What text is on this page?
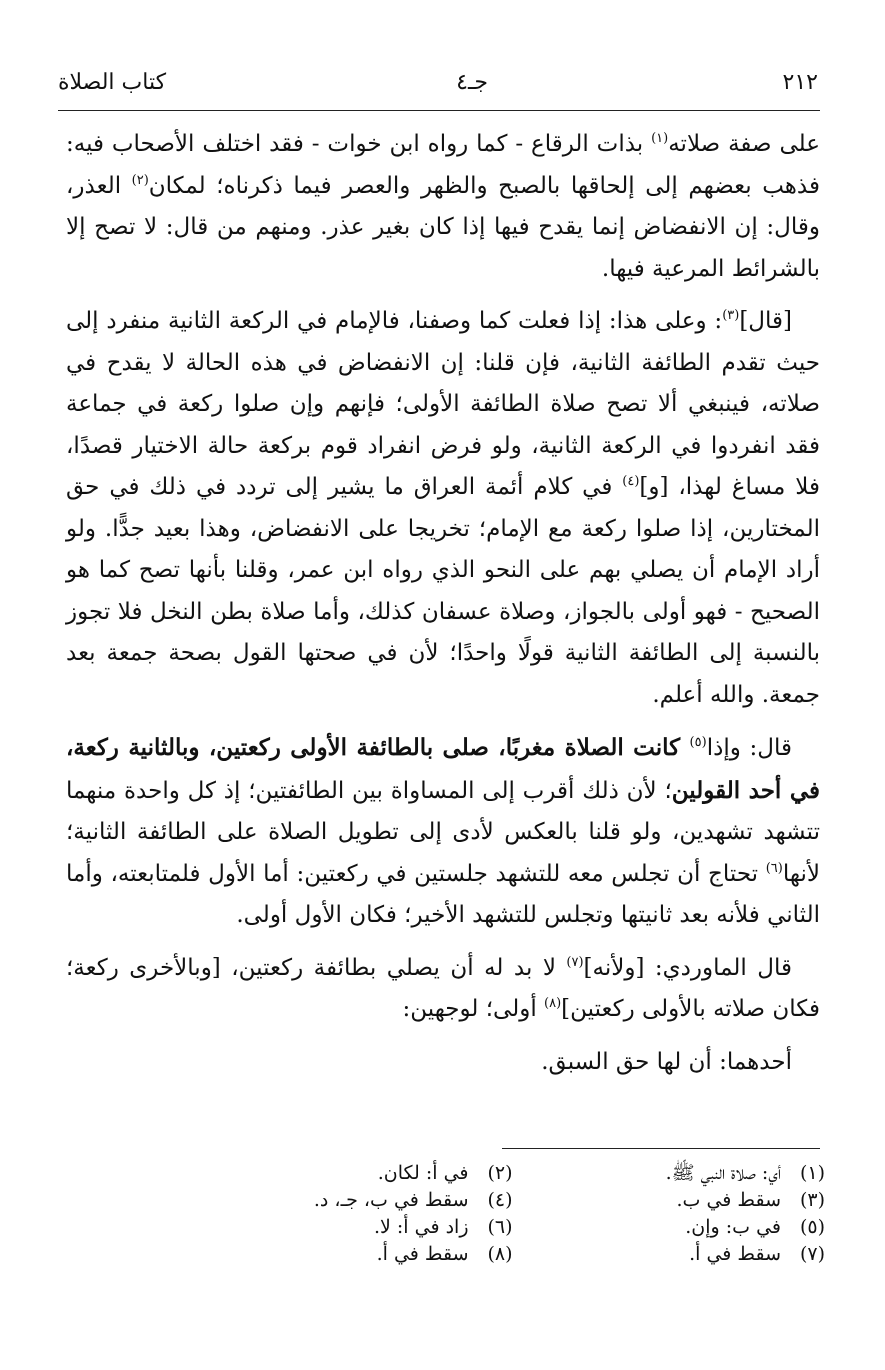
٢١٢
جـ٤
كتاب الصلاة

على صفة صلاته$^{(١)}$ بذات الرقاع - كما رواه ابن خوات - فقد اختلف الأصحاب فيه: فذهب بعضهم إلى إلحاقها بالصبح والظهر والعصر فيما ذكرناه؛ لمكان$^{(٢)}$ العذر، وقال: إن الانفضاض إنما يقدح فيها إذا كان بغير عذر. ومنهم من قال: لا تصح إلا بالشرائط المرعية فيها.

[قال]$^{(٣)}$: وعلى هذا: إذا فعلت كما وصفنا، فالإمام في الركعة الثانية منفرد إلى حيث تقدم الطائفة الثانية، فإن قلنا: إن الانفضاض في هذه الحالة لا يقدح في صلاته، فينبغي ألا تصح صلاة الطائفة الأولى؛ فإنهم وإن صلوا ركعة في جماعة فقد انفردوا في الركعة الثانية، ولو فرض انفراد قوم بركعة حالة الاختيار قصدًا، فلا مساغ لهذا، [و]$^{(٤)}$ في كلام أئمة العراق ما يشير إلى تردد في ذلك في حق المختارين، إذا صلوا ركعة مع الإمام؛ تخريجا على الانفضاض، وهذا بعيد جدًّا. ولو أراد الإمام أن يصلي بهم على النحو الذي رواه ابن عمر، وقلنا بأنها تصح كما هو الصحيح - فهو أولى بالجواز، وصلاة عسفان كذلك، وأما صلاة بطن النخل فلا تجوز بالنسبة إلى الطائفة الثانية قولًا واحدًا؛ لأن في صحتها القول بصحة جمعة بعد جمعة. والله أعلم.

قال: وإذا$^{(٥)}$ كانت الصلاة مغربًا، صلى بالطائفة الأولى ركعتين، وبالثانية ركعة، في أحد القولين؛ لأن ذلك أقرب إلى المساواة بين الطائفتين؛ إذ كل واحدة منهما تتشهد تشهدين، ولو قلنا بالعكس لأدى إلى تطويل الصلاة على الطائفة الثانية؛ لأنها$^{(٦)}$ تحتاج أن تجلس معه للتشهد جلستين في ركعتين: أما الأول فلمتابعته، وأما الثاني فلأنه بعد ثانيتها وتجلس للتشهد الأخير؛ فكان الأول أولى.

قال الماوردي: [ولأنه]$^{(٧)}$ لا بد له أن يصلي بطائفة ركعتين، [وبالأخرى ركعة؛ فكان صلاته بالأولى ركعتين]$^{(٨)}$ أولى؛ لوجهين:

أحدهما: أن لها حق السبق.

(١)أي: صلاة النبي ﷺ.
(٢)في أ: لكان.
(٣)سقط في ب.
(٤)سقط في ب، جـ، د.
(٥)في ب: وإن.
(٦)زاد في أ: لا.
(٧)سقط في أ.
(٨)سقط في أ.
